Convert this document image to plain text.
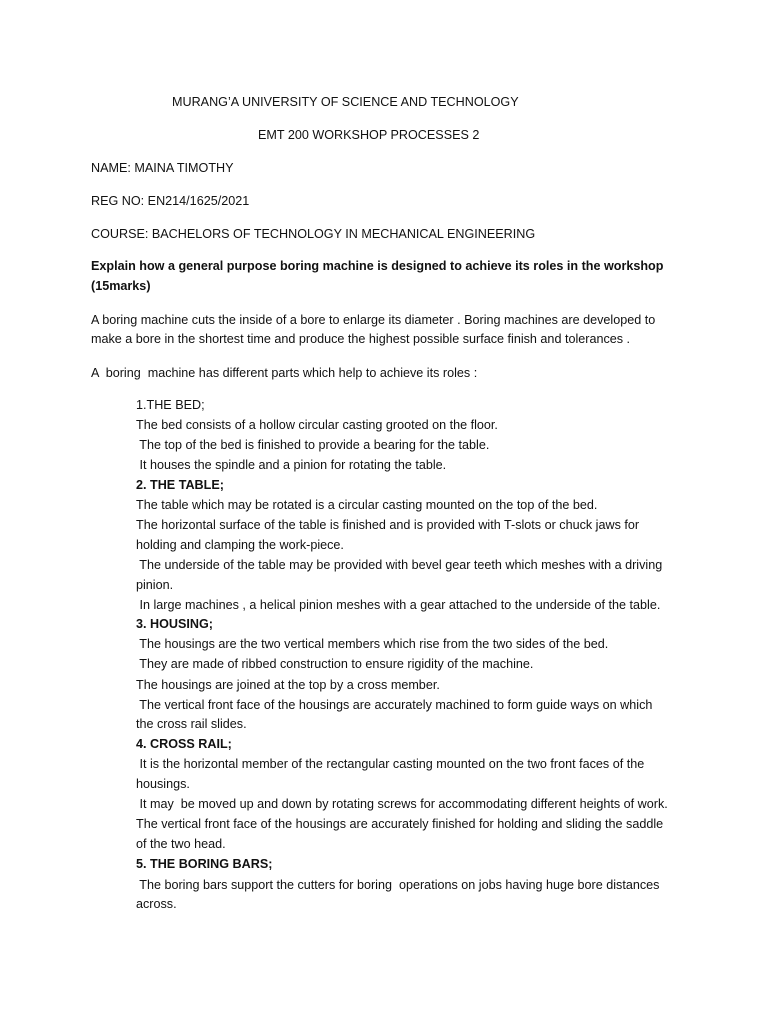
MURANG’A UNIVERSITY OF SCIENCE AND TECHNOLOGY
EMT 200 WORKSHOP PROCESSES 2
NAME: MAINA TIMOTHY
REG NO: EN214/1625/2021
COURSE: BACHELORS OF TECHNOLOGY IN MECHANICAL ENGINEERING
Explain how a general purpose boring machine is designed to achieve its roles in the workshop
(15marks)
A boring machine cuts the inside of a bore to enlarge its diameter . Boring machines are developed to
make a bore in the shortest time and produce the highest possible surface finish and tolerances .
A  boring  machine has different parts which help to achieve its roles :
1.THE BED;
The bed consists of a hollow circular casting grooted on the floor.
The top of the bed is finished to provide a bearing for the table.
It houses the spindle and a pinion for rotating the table.
2. THE TABLE;
The table which may be rotated is a circular casting mounted on the top of the bed.
The horizontal surface of the table is finished and is provided with T-slots or chuck jaws for
holding and clamping the work-piece.
The underside of the table may be provided with bevel gear teeth which meshes with a driving
pinion.
In large machines , a helical pinion meshes with a gear attached to the underside of the table.
3. HOUSING;
The housings are the two vertical members which rise from the two sides of the bed.
They are made of ribbed construction to ensure rigidity of the machine.
The housings are joined at the top by a cross member.
The vertical front face of the housings are accurately machined to form guide ways on which
the cross rail slides.
4. CROSS RAIL;
It is the horizontal member of the rectangular casting mounted on the two front faces of the
housings.
It may  be moved up and down by rotating screws for accommodating different heights of work.
The vertical front face of the housings are accurately finished for holding and sliding the saddle
of the two head.
5. THE BORING BARS;
The boring bars support the cutters for boring  operations on jobs having huge bore distances
across.
